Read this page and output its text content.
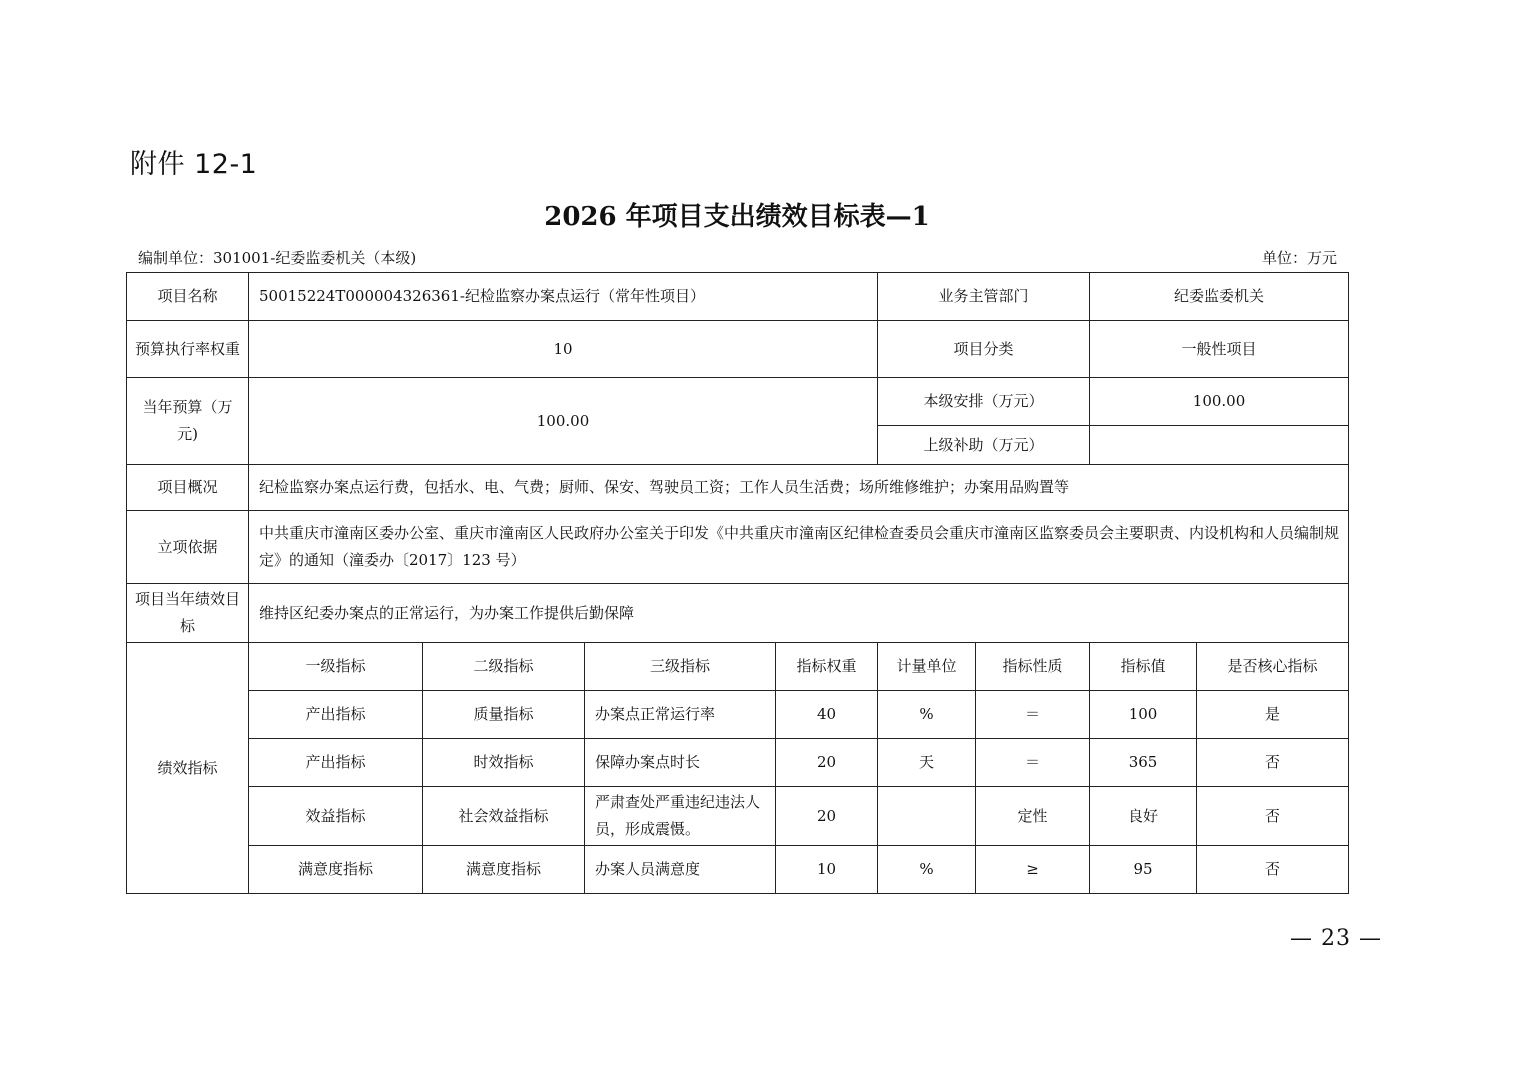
附件 12-1
2026 年项目支出绩效目标表—1
编制单位：301001-纪委监委机关（本级)	单位：万元
项目名称	50015224T000004326361-纪检监察办案点运行（常年性项目）				业务主管部门		纪委监委机关	
预算执行率权重	10				项目分类		一般性项目	
当年预算（万元)	100.00				本级安排（万元）		100.00	
					上级补助（万元）			
项目概况	纪检监察办案点运行费，包括水、电、气费；厨师、保安、驾驶员工资；工作人员生活费；场所维修维护；办案用品购置等							
立项依据	中共重庆市潼南区委办公室、重庆市潼南区人民政府办公室关于印发《中共重庆市潼南区纪律检查委员会重庆市潼南区监察委员会主要职责、内设机构和人员编制规定》的通知（潼委办〔2017〕123 号）							
项目当年绩效目标	维持区纪委办案点的正常运行，为办案工作提供后勤保障							
绩效指标	一级指标	二级指标	三级指标	指标权重	计量单位	指标性质	指标值	是否核心指标
	产出指标	质量指标	办案点正常运行率	40	%	＝	100	是
	产出指标	时效指标	保障办案点时长	20	天	＝	365	否
	效益指标	社会效益指标	严肃查处严重违纪违法人员，形成震慑。	20		定性	良好	否
	满意度指标	满意度指标	办案人员满意度	10	%	≥	95	否
— 23 —
